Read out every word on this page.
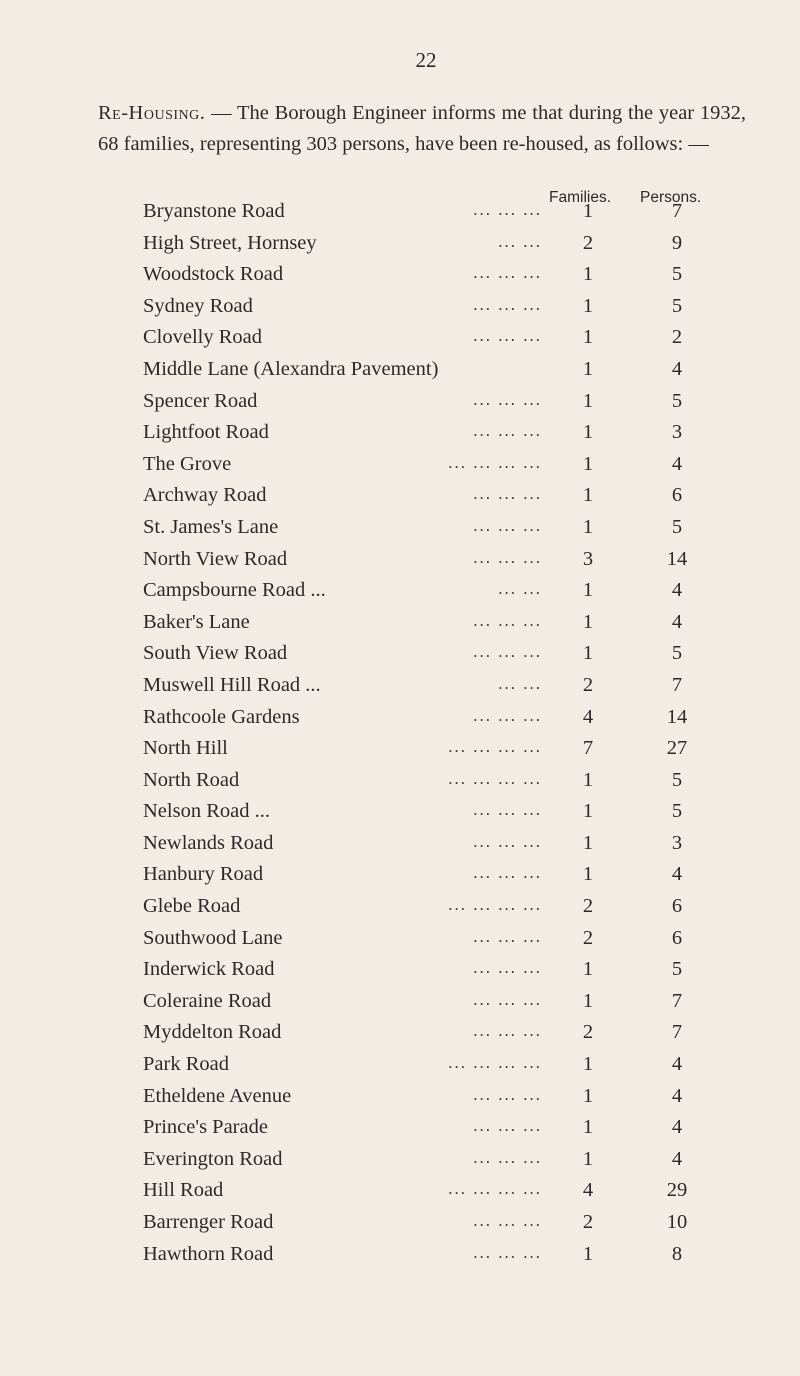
22
Re-Housing. — The Borough Engineer informs me that during the year 1932, 68 families, representing 303 persons, have been re-housed, as follows: —
Families. Persons.
Bryanstone Road	... ... ...	1	7
High Street, Hornsey	... ...	2	9
Woodstock Road	... ... ...	1	5
Sydney Road	... ... ...	1	5
Clovelly Road	... ... ...	1	2
Middle Lane (Alexandra Pavement)	1	4
Spencer Road	... ... ...	1	5
Lightfoot Road	... ... ...	1	3
The Grove	... ... ... ...	1	4
Archway Road	... ... ...	1	6
St. James's Lane	... ... ...	1	5
North View Road	... ... ...	3	14
Campsbourne Road ...	... ...	1	4
Baker's Lane	... ... ...	1	4
South View Road	... ... ...	1	5
Muswell Hill Road ...	... ...	2	7
Rathcoole Gardens	... ... ...	4	14
North Hill	... ... ... ...	7	27
North Road	... ... ... ...	1	5
Nelson Road ...	... ... ...	1	5
Newlands Road	... ... ...	1	3
Hanbury Road	... ... ...	1	4
Glebe Road	... ... ... ...	2	6
Southwood Lane	... ... ...	2	6
Inderwick Road	... ... ...	1	5
Coleraine Road	... ... ...	1	7
Myddelton Road	... ... ...	2	7
Park Road	... ... ... ...	1	4
Etheldene Avenue	... ... ...	1	4
Prince's Parade	... ... ...	1	4
Everington Road	... ... ...	1	4
Hill Road	... ... ... ...	4	29
Barrenger Road	... ... ...	2	10
Hawthorn Road	... ... ...	1	8
